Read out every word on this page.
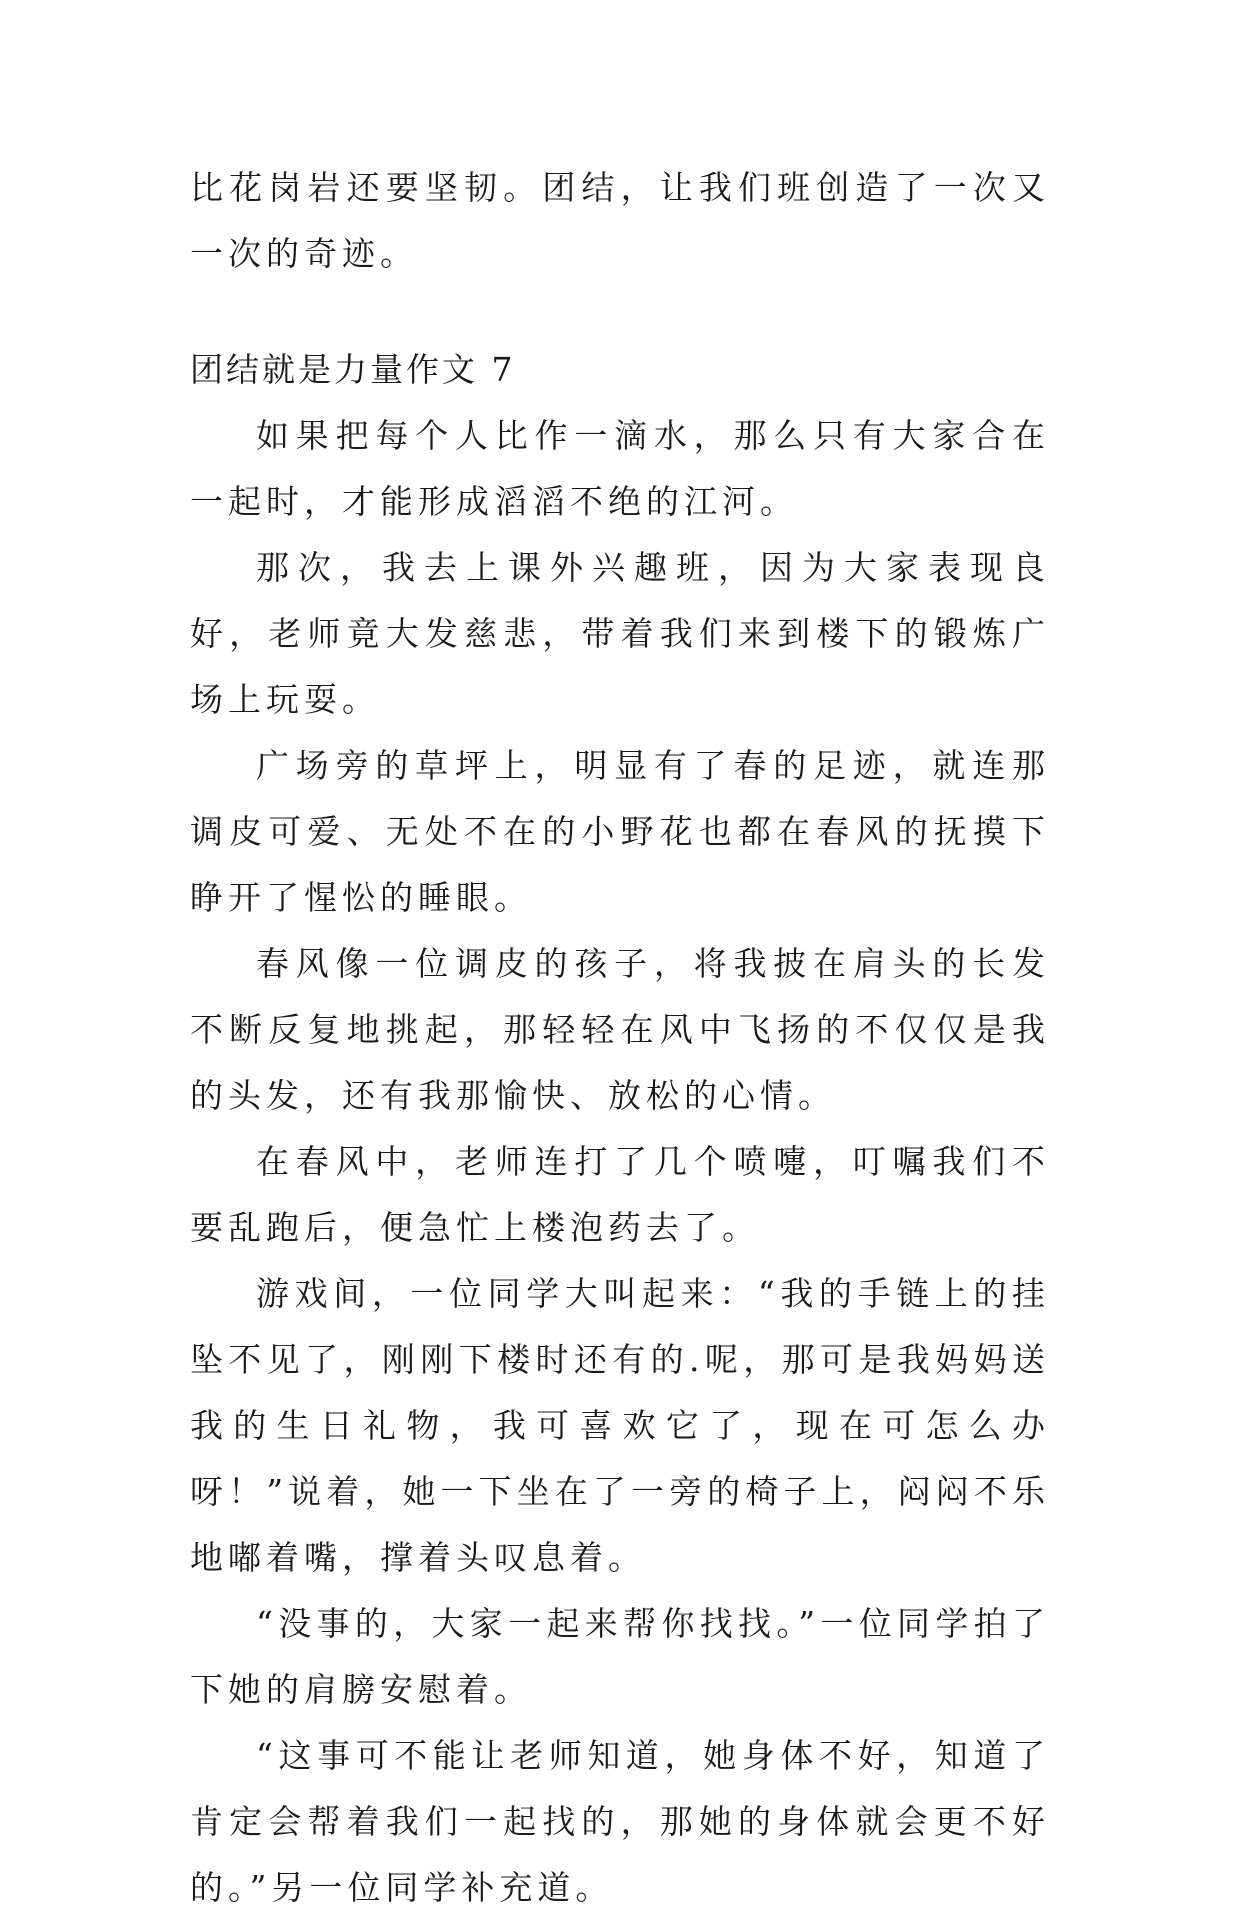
比花岗岩还要坚韧。团结，让我们班创造了一次又一次的奇迹。

团结就是力量作文 7

如果把每个人比作一滴水，那么只有大家合在一起时，才能形成滔滔不绝的江河。

那次，我去上课外兴趣班，因为大家表现良好，老师竟大发慈悲，带着我们来到楼下的锻炼广场上玩耍。

广场旁的草坪上，明显有了春的足迹，就连那调皮可爱、无处不在的小野花也都在春风的抚摸下睁开了惺忪的睡眼。

春风像一位调皮的孩子，将我披在肩头的长发不断反复地挑起，那轻轻在风中飞扬的不仅仅是我的头发，还有我那愉快、放松的心情。

在春风中，老师连打了几个喷嚏，叮嘱我们不要乱跑后，便急忙上楼泡药去了。

游戏间，一位同学大叫起来：“我的手链上的挂坠不见了，刚刚下楼时还有的.呢，那可是我妈妈送我的生日礼物，我可喜欢它了，现在可怎么办呀！”说着，她一下坐在了一旁的椅子上，闷闷不乐地嘟着嘴，撑着头叹息着。

“没事的，大家一起来帮你找找。”一位同学拍了下她的肩膀安慰着。

“这事可不能让老师知道，她身体不好，知道了肯定会帮着我们一起找的，那她的身体就会更不好的。”另一位同学补充道。
